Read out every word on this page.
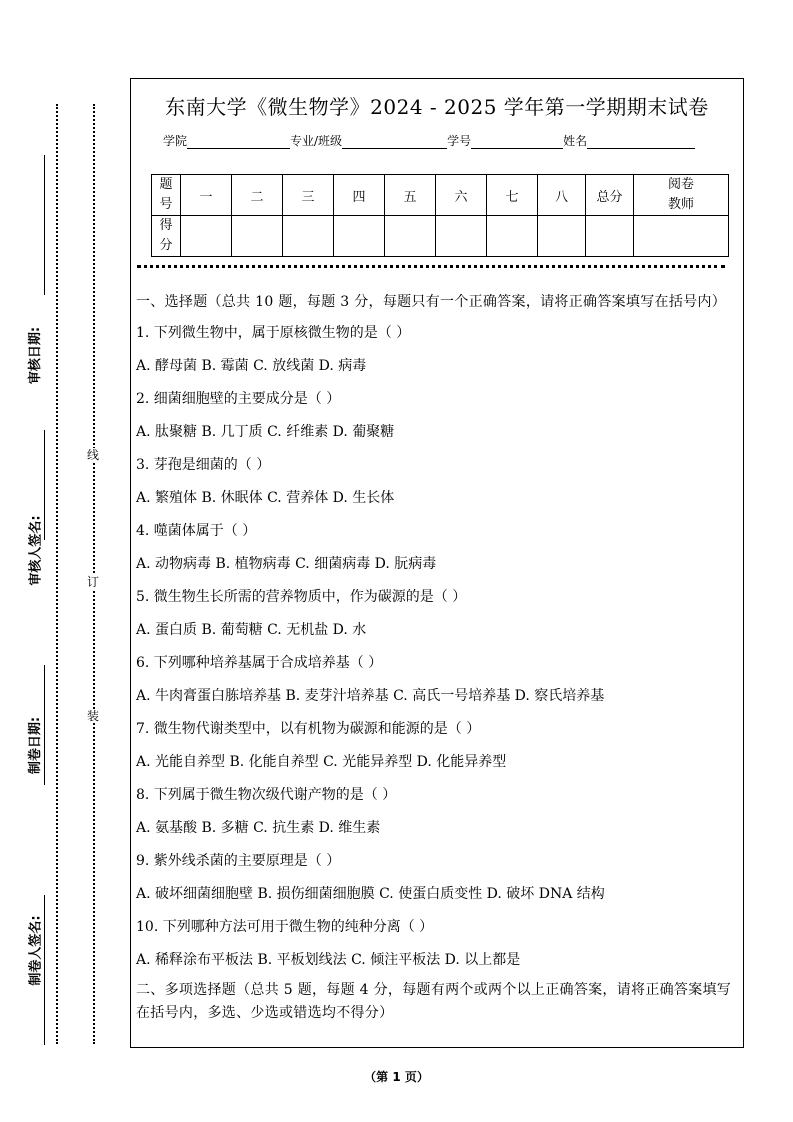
审核日期:
审核人签名:
制卷日期:
制卷人签名:
线
订
装
东南大学《微生物学》2024 - 2025 学年第一学期期末试卷
学院	专业/班级	学号	姓名
题号	一	二	三	四	五	六	七	八	总分	阅卷教师

得分										
一、选择题（总共 10 题，每题 3 分，每题只有一个正确答案，请将正确答案填写在括号内）
1. 下列微生物中，属于原核微生物的是（ ）
A. 酵母菌 B. 霉菌 C. 放线菌 D. 病毒
2. 细菌细胞壁的主要成分是（ ）
A. 肽聚糖 B. 几丁质 C. 纤维素 D. 葡聚糖
3. 芽孢是细菌的（ ）
A. 繁殖体 B. 休眠体 C. 营养体 D. 生长体
4. 噬菌体属于（ ）
A. 动物病毒 B. 植物病毒 C. 细菌病毒 D. 朊病毒
5. 微生物生长所需的营养物质中，作为碳源的是（ ）
A. 蛋白质 B. 葡萄糖 C. 无机盐 D. 水
6. 下列哪种培养基属于合成培养基（ ）
A. 牛肉膏蛋白胨培养基 B. 麦芽汁培养基 C. 高氏一号培养基 D. 察氏培养基
7. 微生物代谢类型中，以有机物为碳源和能源的是（ ）
A. 光能自养型 B. 化能自养型 C. 光能异养型 D. 化能异养型
8. 下列属于微生物次级代谢产物的是（ ）
A. 氨基酸 B. 多糖 C. 抗生素 D. 维生素
9. 紫外线杀菌的主要原理是（ ）
A. 破坏细菌细胞壁 B. 损伤细菌细胞膜 C. 使蛋白质变性 D. 破坏 DNA 结构
10. 下列哪种方法可用于微生物的纯种分离（ ）
A. 稀释涂布平板法 B. 平板划线法 C. 倾注平板法 D. 以上都是
二、多项选择题（总共 5 题，每题 4 分，每题有两个或两个以上正确答案，请将正确答案填写在括号内，多选、少选或错选均不得分）
（第 1 页）
